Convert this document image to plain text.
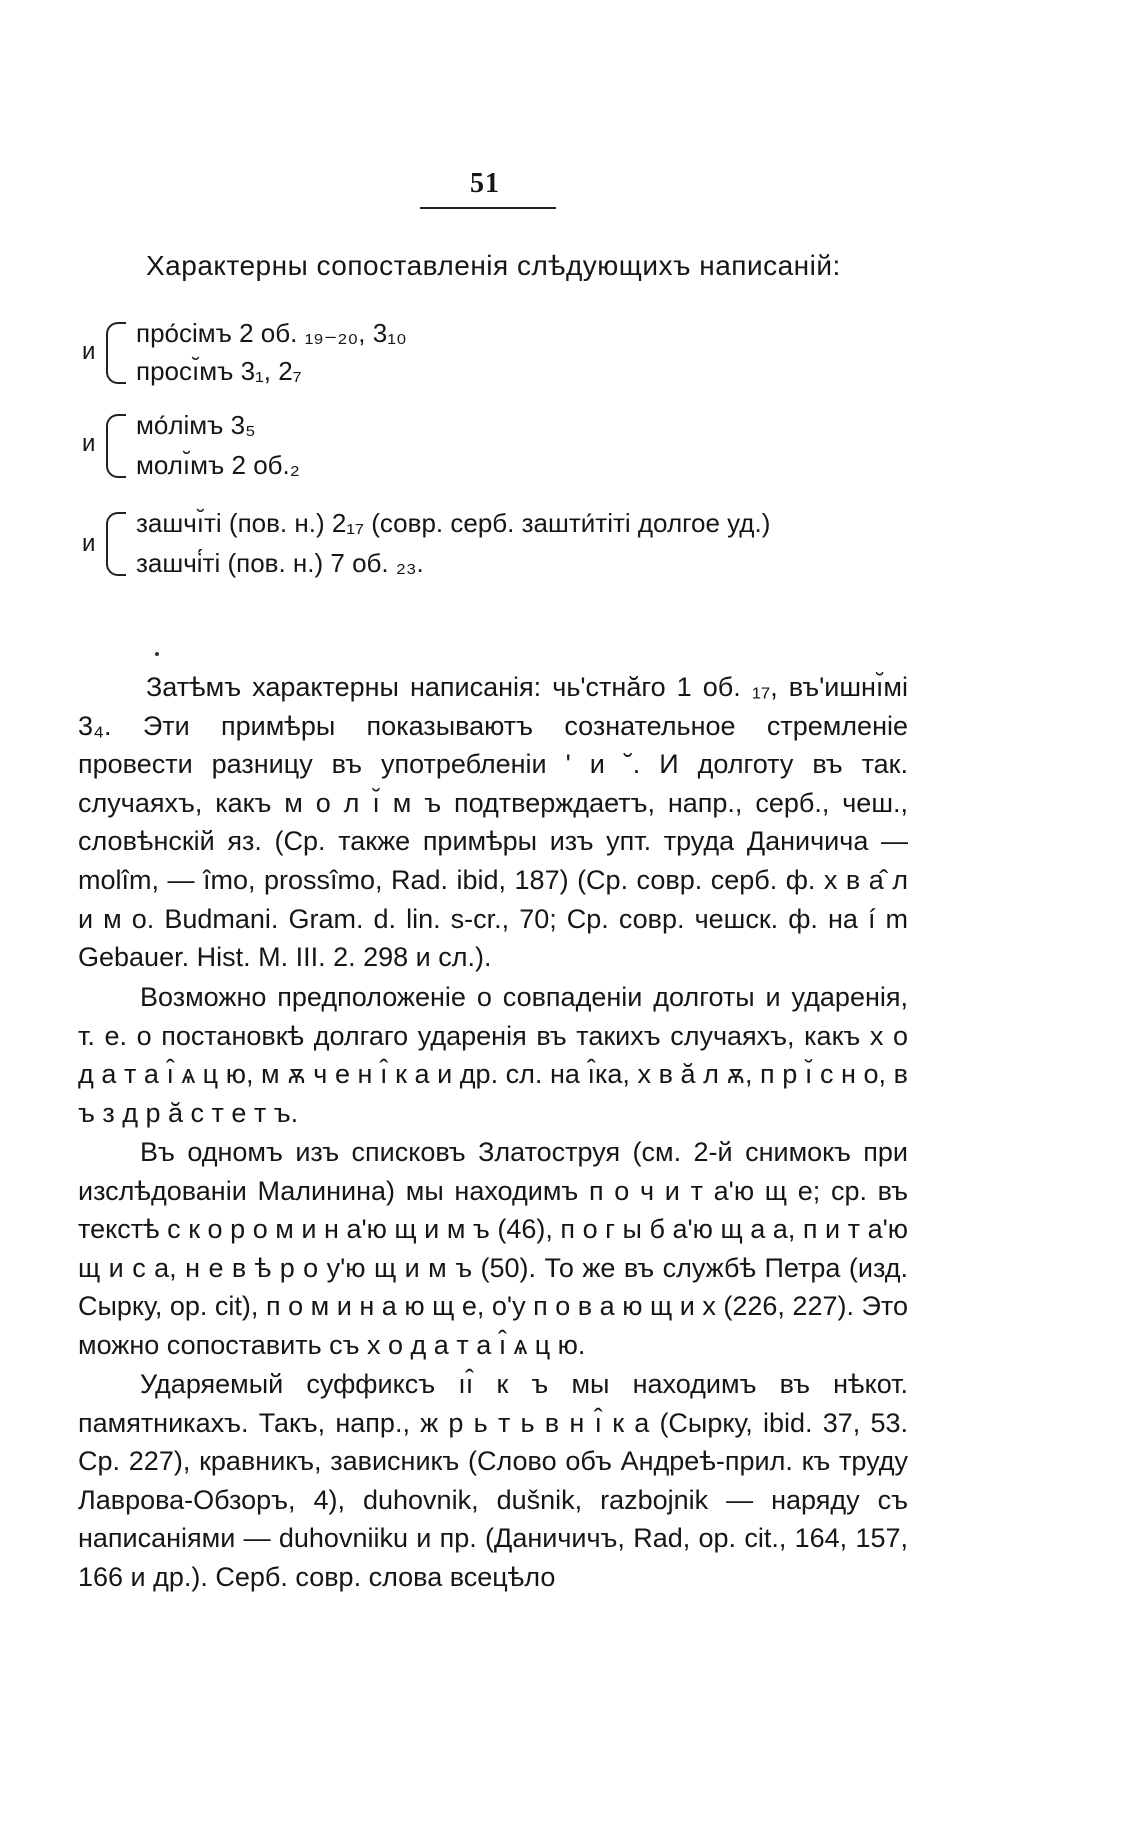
51
Характерны сопоставленія слѣдующихъ написаній:
и
про́сімъ 2 об. ₁₉₋₂₀, 3₁₀
просı̆мъ 3₁, 2₇
и
мо́лімъ 3₅
молı̆мъ 2 об.₂
и
зашчı̆ті (пов. н.) 2₁₇ (совр. серб. зашти́тіті долгое уд.)
зашчі́ті (пов. н.) 7 об. ₂₃.

Затѣмъ характерны написанія: чь'стнăго 1 об. ₁₇, въ'ишнı̆мі 3₄. Эти примѣры показываютъ сознательное стремленіе провести разницу въ употребленіи ' и ˘. И долготу въ так. случаяхъ, какъ м о л ı̆ м ъ подтверждаетъ, напр., серб., чеш., словѣнскій яз. (Ср. также примѣры изъ упт. труда Даничича — molîm, — îmo, prossîmo, Rad. ibid, 187) (Ср. совр. серб. ф. х в а̂ л и м о. Budmani. Gram. d. lin. s-cr., 70; Ср. совр. чешск. ф. на í m Gebauer. Hist. M. III. 2. 298 и сл.).

Возможно предположеніе о совпаденіи долготы и ударенія, т. е. о постановкѣ долгаго ударенія въ такихъ случаяхъ, какъ х о д а т а ı̂ ѧ ц ю, м ѫ ч е н ı̂ к а и др. сл. на ı̂ка, х в ă л ѫ, п р ı̆ с н о, в ъ з д р ă с т е т ъ.

Въ одномъ изъ списковъ Златоструя (см. 2-й снимокъ при изслѣдованіи Малинина) мы находимъ п о ч и т а'ю щ е; ср. въ текстѣ с к о р о м и н а'ю щ и м ъ (46), п о г ы б а'ю щ а а, п и т а'ю щ и с а, н е в ѣ р о у'ю щ и м ъ (50). То же въ службѣ Петра (изд. Сырку, ор. cit), п о м и н а ю щ е, о'у п о в а ю щ и х (226, 227). Это можно сопоставить съ х о д а т а ı̂ ѧ ц ю.

Ударяемый суффиксъ ıı̂ к ъ мы находимъ въ нѣкот. памятникахъ. Такъ, напр., ж р ь т ь в н ı̂ к а (Сырку, ibid. 37, 53. Ср. 227), кравникъ, зависникъ (Слово объ Андреѣ-прил. къ труду Лаврова-Обзоръ, 4), duhovnik, dušnik, razbojnik — наряду съ написаніями — duhovniiku и пр. (Даничичъ, Rad, ор. cit., 164, 157, 166 и др.). Серб. совр. слова всецѣло
